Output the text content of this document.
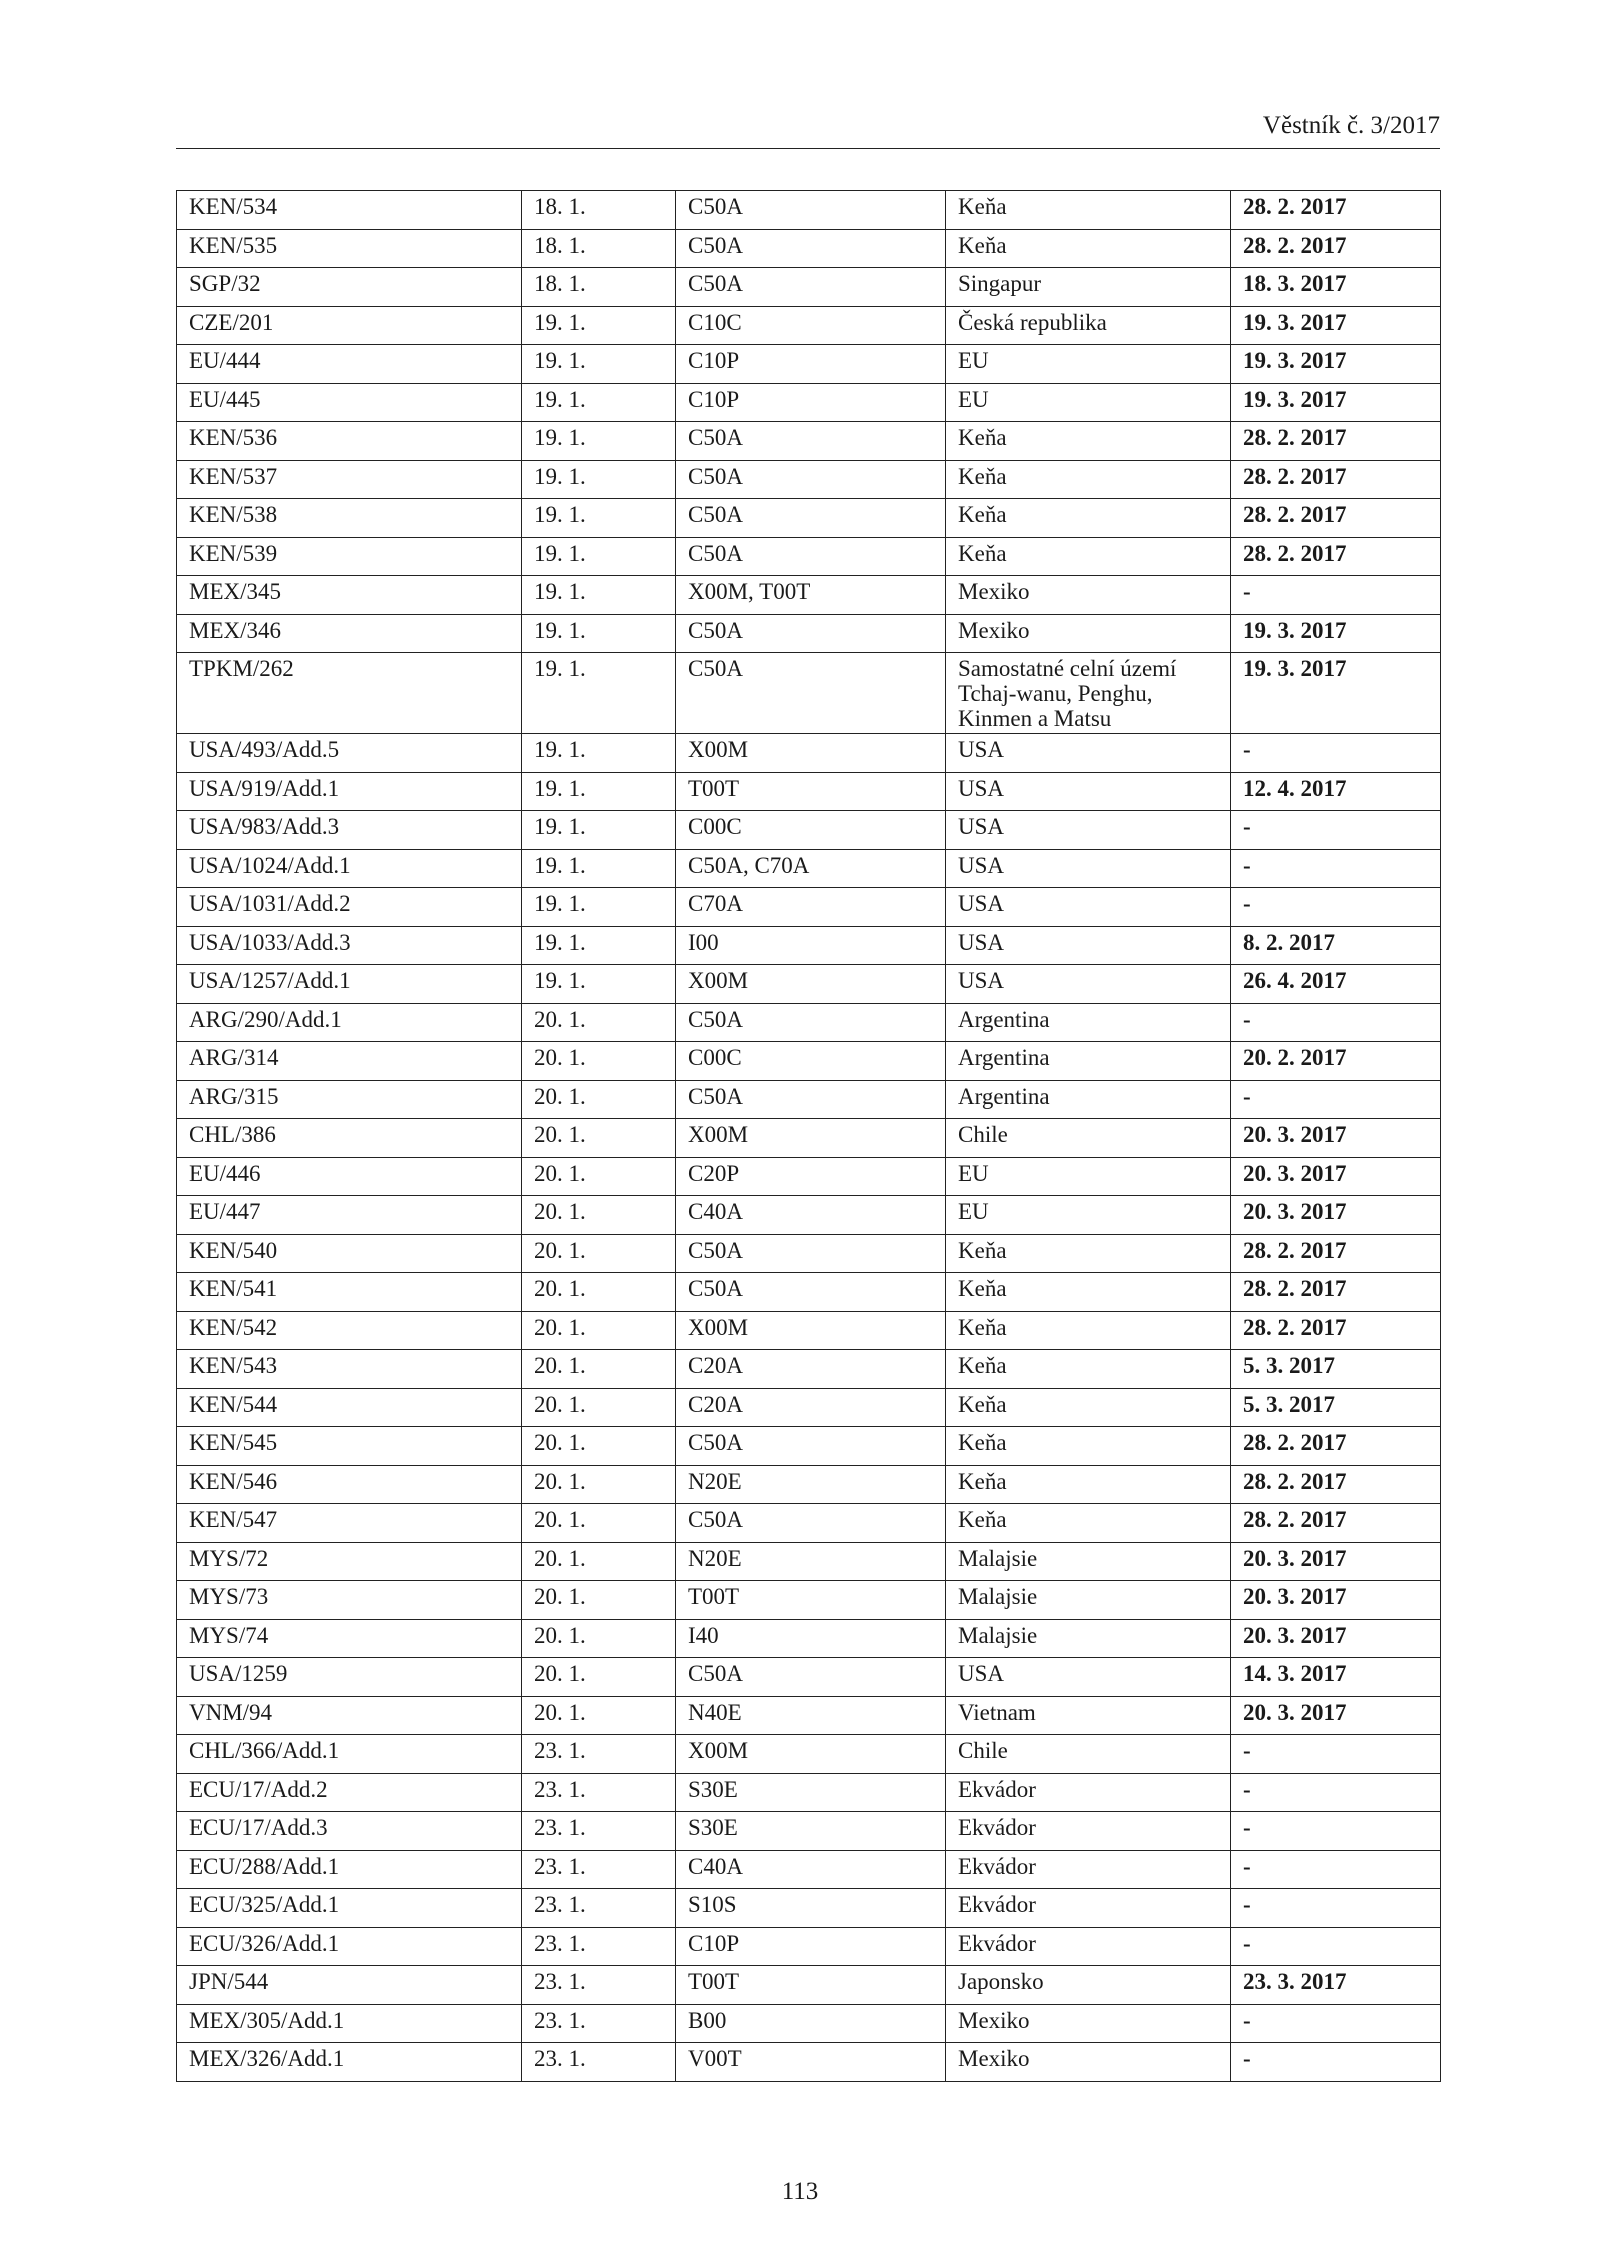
Věstník č. 3/2017
KEN/534	18. 1.	C50A	Keňa	28. 2. 2017
KEN/535	18. 1.	C50A	Keňa	28. 2. 2017
SGP/32	18. 1.	C50A	Singapur	18. 3. 2017
CZE/201	19. 1.	C10C	Česká republika	19. 3. 2017
EU/444	19. 1.	C10P	EU	19. 3. 2017
EU/445	19. 1.	C10P	EU	19. 3. 2017
KEN/536	19. 1.	C50A	Keňa	28. 2. 2017
KEN/537	19. 1.	C50A	Keňa	28. 2. 2017
KEN/538	19. 1.	C50A	Keňa	28. 2. 2017
KEN/539	19. 1.	C50A	Keňa	28. 2. 2017
MEX/345	19. 1.	X00M, T00T	Mexiko	-
MEX/346	19. 1.	C50A	Mexiko	19. 3. 2017
TPKM/262	19. 1.	C50A	Samostatné celní území Tchaj-wanu, Penghu, Kinmen a Matsu	19. 3. 2017
USA/493/Add.5	19. 1.	X00M	USA	-
USA/919/Add.1	19. 1.	T00T	USA	12. 4. 2017
USA/983/Add.3	19. 1.	C00C	USA	-
USA/1024/Add.1	19. 1.	C50A, C70A	USA	-
USA/1031/Add.2	19. 1.	C70A	USA	-
USA/1033/Add.3	19. 1.	I00	USA	8. 2. 2017
USA/1257/Add.1	19. 1.	X00M	USA	26. 4. 2017
ARG/290/Add.1	20. 1.	C50A	Argentina	-
ARG/314	20. 1.	C00C	Argentina	20. 2. 2017
ARG/315	20. 1.	C50A	Argentina	-
CHL/386	20. 1.	X00M	Chile	20. 3. 2017
EU/446	20. 1.	C20P	EU	20. 3. 2017
EU/447	20. 1.	C40A	EU	20. 3. 2017
KEN/540	20. 1.	C50A	Keňa	28. 2. 2017
KEN/541	20. 1.	C50A	Keňa	28. 2. 2017
KEN/542	20. 1.	X00M	Keňa	28. 2. 2017
KEN/543	20. 1.	C20A	Keňa	5. 3. 2017
KEN/544	20. 1.	C20A	Keňa	5. 3. 2017
KEN/545	20. 1.	C50A	Keňa	28. 2. 2017
KEN/546	20. 1.	N20E	Keňa	28. 2. 2017
KEN/547	20. 1.	C50A	Keňa	28. 2. 2017
MYS/72	20. 1.	N20E	Malajsie	20. 3. 2017
MYS/73	20. 1.	T00T	Malajsie	20. 3. 2017
MYS/74	20. 1.	I40	Malajsie	20. 3. 2017
USA/1259	20. 1.	C50A	USA	14. 3. 2017
VNM/94	20. 1.	N40E	Vietnam	20. 3. 2017
CHL/366/Add.1	23. 1.	X00M	Chile	-
ECU/17/Add.2	23. 1.	S30E	Ekvádor	-
ECU/17/Add.3	23. 1.	S30E	Ekvádor	-
ECU/288/Add.1	23. 1.	C40A	Ekvádor	-
ECU/325/Add.1	23. 1.	S10S	Ekvádor	-
ECU/326/Add.1	23. 1.	C10P	Ekvádor	-
JPN/544	23. 1.	T00T	Japonsko	23. 3. 2017
MEX/305/Add.1	23. 1.	B00	Mexiko	-
MEX/326/Add.1	23. 1.	V00T	Mexiko	-
113
